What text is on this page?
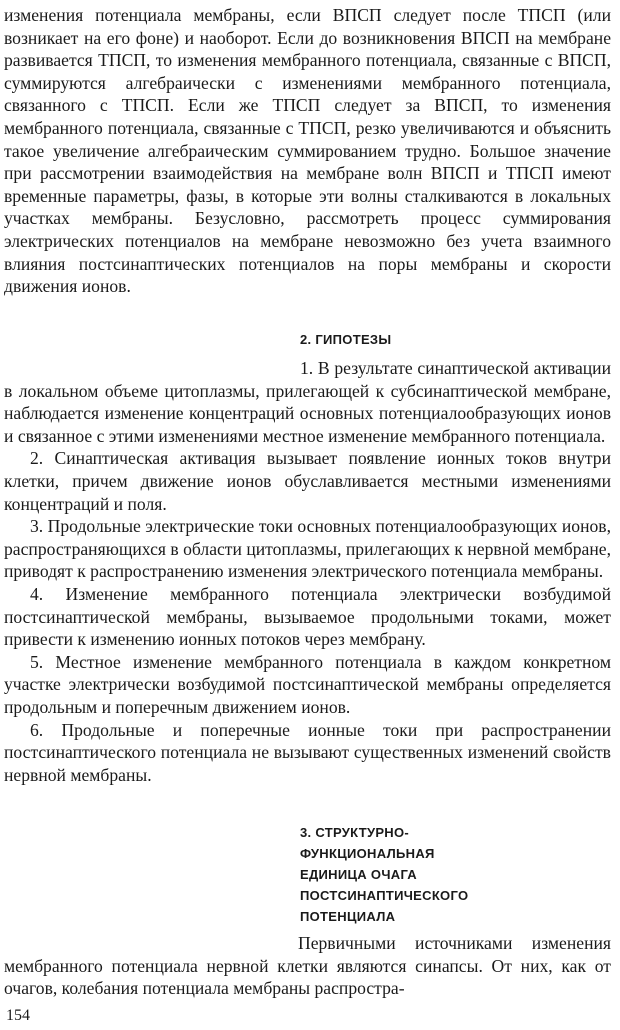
изменения потенциала мембраны, если ВПСП следует после ТПСП (или возникает на его фоне) и наоборот. Если до возникновения ВПСП на мембране развивается ТПСП, то изменения мембранного потенциала, связанные с ВПСП, суммируются алгебраически с изменениями мембранного потенциала, связанного с ТПСП. Если же ТПСП следует за ВПСП, то изменения мембранного потенциала, связанные с ТПСП, резко увеличиваются и объяснить такое увеличение алгебраическим суммированием трудно. Большое значение при рассмотрении взаимодействия на мембране волн ВПСП и ТПСП имеют временные параметры, фазы, в которые эти волны сталкиваются в локальных участках мембраны. Безусловно, рассмотреть процесс суммирования электрических потенциалов на мембране невозможно без учета взаимного влияния постсинаптических потенциалов на поры мембраны и скорости движения ионов.

2. ГИПОТЕЗЫ

1. В результате синаптической активации в локальном объеме цитоплазмы, прилегающей к субсинаптической мембране, наблюдается изменение концентраций основных потенциалообразующих ионов и связанное с этими изменениями местное изменение мембранного потенциала.

2. Синаптическая активация вызывает появление ионных токов внутри клетки, причем движение ионов обуславливается местными изменениями концентраций и поля.

3. Продольные электрические токи основных потенциалообразующих ионов, распространяющихся в области цитоплазмы, прилегающих к нервной мембране, приводят к распространению изменения электрического потенциала мембраны.

4. Изменение мембранного потенциала электрически возбудимой постсинаптической мембраны, вызываемое продольными токами, может привести к изменению ионных потоков через мембрану.

5. Местное изменение мембранного потенциала в каждом конкретном участке электрически возбудимой постсинаптической мембраны определяется продольным и поперечным движением ионов.

6. Продольные и поперечные ионные токи при распространении постсинаптического потенциала не вызывают существенных изменений свойств нервной мембраны.

3. СТРУКТУРНО-
ФУНКЦИОНАЛЬНАЯ
ЕДИНИЦА ОЧАГА
ПОСТСИНАПТИЧЕСКОГО
ПОТЕНЦИАЛА

Первичными источниками изменения мембранного потенциала нервной клетки являются синапсы. От них, как от очагов, колебания потенциала мембраны распростра-

154
